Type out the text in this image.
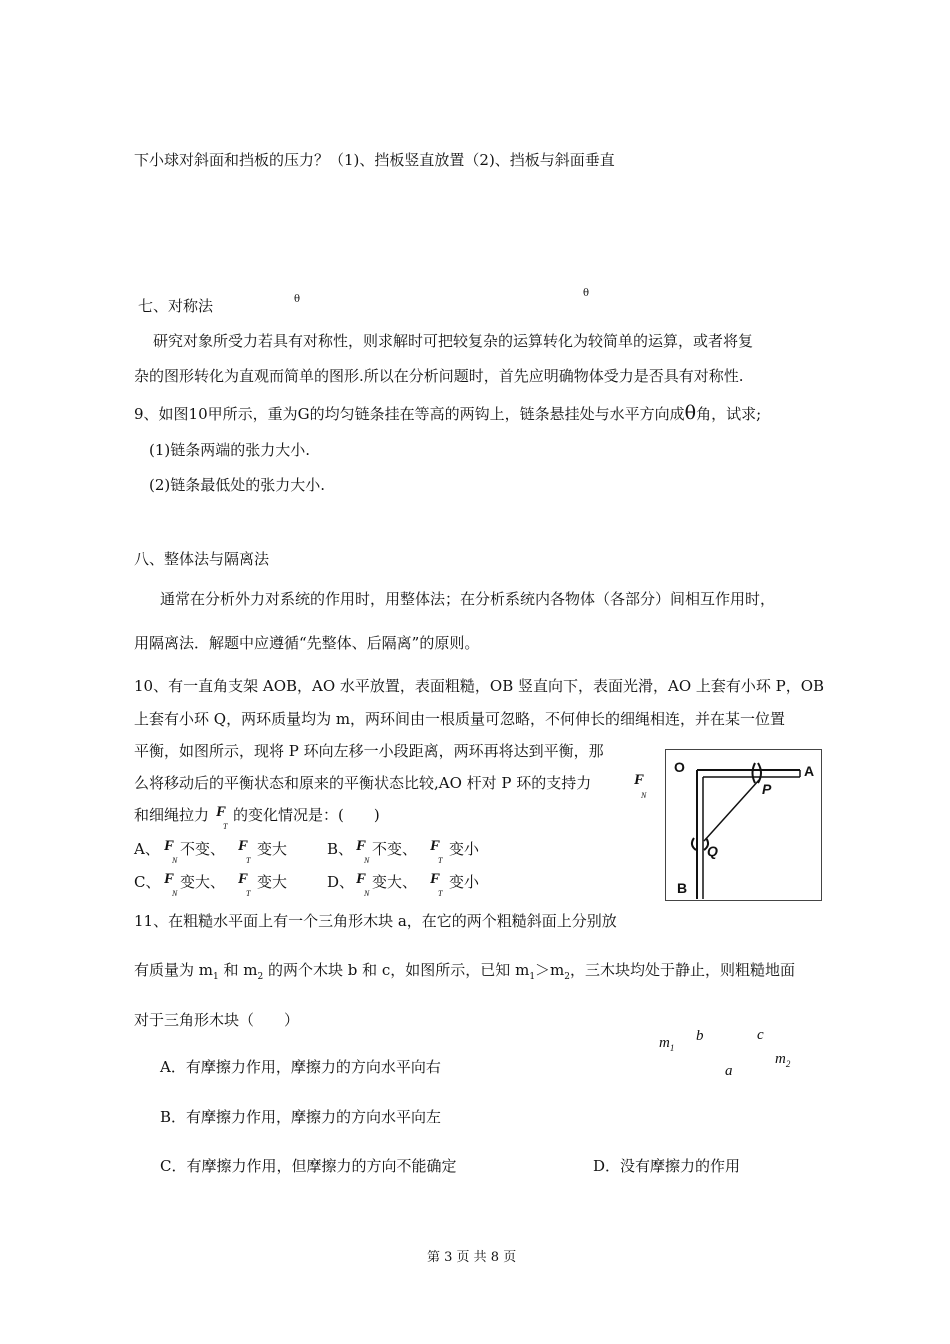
下小球对斜面和挡板的压力？（1)、挡板竖直放置（2)、挡板与斜面垂直
七、对称法	θ
θ
研究对象所受力若具有对称性，则求解时可把较复杂的运算转化为较简单的运算，或者将复
杂的图形转化为直观而简单的图形.所以在分析问题时，首先应明确物体受力是否具有对称性.
9、如图10甲所示，重为G的均匀链条挂在等高的两钩上，链条悬挂处与水平方向成θ角，试求;
(1)链条两端的张力大小.
(2)链条最低处的张力大小.
八、整体法与隔离法
通常在分析外力对系统的作用时，用整体法；在分析系统内各物体（各部分）间相互作用时，
用隔离法．解题中应遵循“先整体、后隔离”的原则。
10、有一直角支架 AOB，AO 水平放置，表面粗糙，OB 竖直向下，表面光滑，AO 上套有小环 P，OB
上套有小环 Q，两环质量均为 m，两环间由一根质量可忽略，不何伸长的细绳相连，并在某一位置
平衡，如图所示，现将 P 环向左移一小段距离，两环再将达到平衡，那
么将移动后的平衡状态和原来的平衡状态比较,AO 杆对 P 环的支持力	F
N
和细绳拉力 F
T
的变化情况是：(　　)
A、 F
N
不变、 F
T
变大	B、 F
N
不变、 F
T
变小
C、 F
N
变大、 F
T
变大	D、 F
N
变大、 F
T
变小
O	A
P
Q
B
11、在粗糙水平面上有一个三角形木块 a，在它的两个粗糙斜面上分别放
有质量为 $m_1$ 和 $m_2$ 的两个木块 b 和 c，如图所示，已知 $m_1>m_2$，三木块均处于静止，则粗糙地面
对于三角形木块（　　）
$m_1$
b	c
$m_2$
a
A．有摩擦力作用，摩擦力的方向水平向右
B．有摩擦力作用，摩擦力的方向水平向左
C．有摩擦力作用，但摩擦力的方向不能确定	D．没有摩擦力的作用
第 3 页 共 8 页
